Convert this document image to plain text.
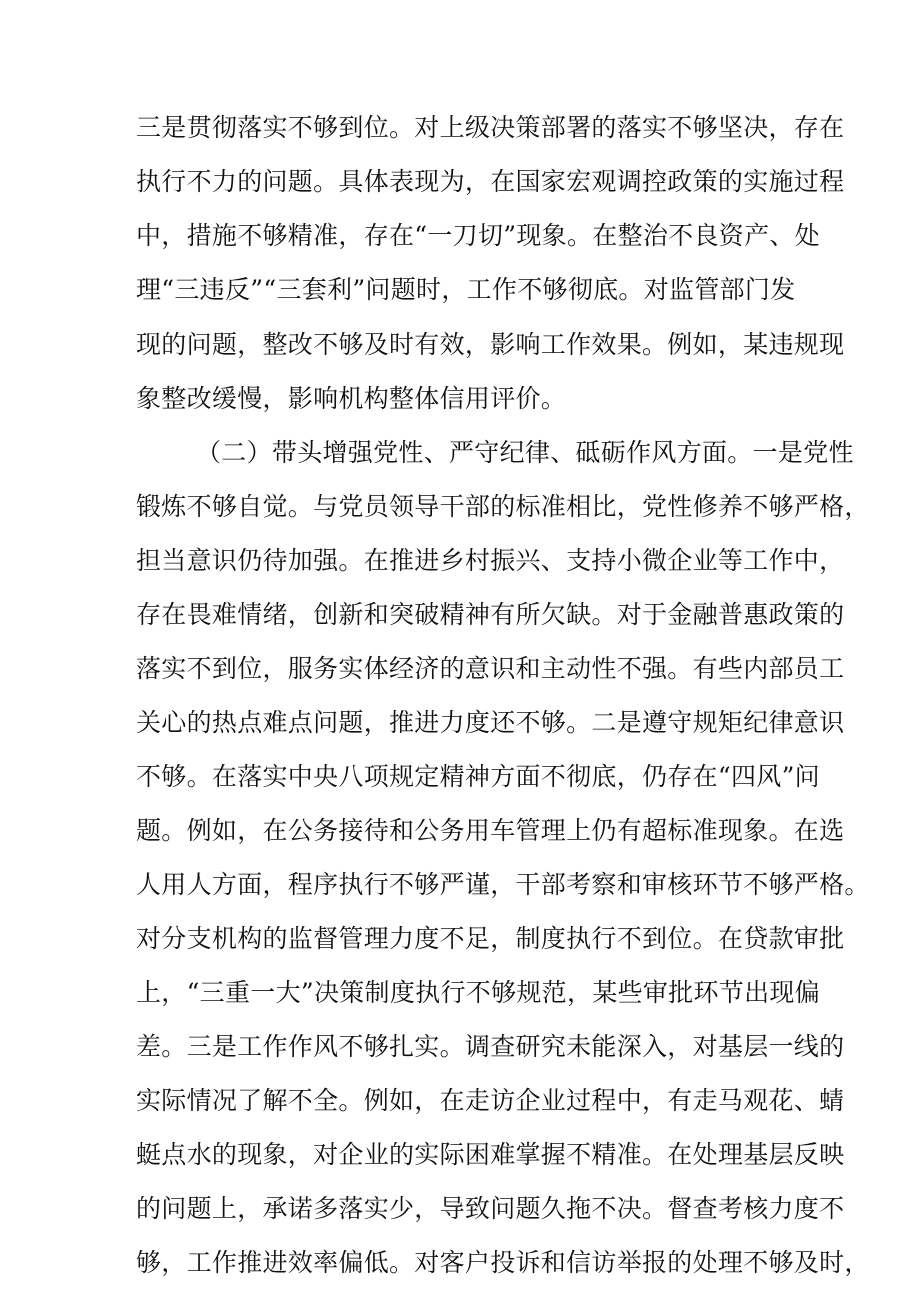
三是贯彻落实不够到位。对上级决策部署的落实不够坚决，存在
执行不力的问题。具体表现为，在国家宏观调控政策的实施过程
中，措施不够精准，存在“一刀切”现象。在整治不良资产、处
理“三违反”“三套利”问题时，工作不够彻底。对监管部门发
现的问题，整改不够及时有效，影响工作效果。例如，某违规现
象整改缓慢，影响机构整体信用评价。
（二）带头增强党性、严守纪律、砥砺作风方面。一是党性
锻炼不够自觉。与党员领导干部的标准相比，党性修养不够严格，
担当意识仍待加强。在推进乡村振兴、支持小微企业等工作中，
存在畏难情绪，创新和突破精神有所欠缺。对于金融普惠政策的
落实不到位，服务实体经济的意识和主动性不强。有些内部员工
关心的热点难点问题，推进力度还不够。二是遵守规矩纪律意识
不够。在落实中央八项规定精神方面不彻底，仍存在“四风”问
题。例如，在公务接待和公务用车管理上仍有超标准现象。在选
人用人方面，程序执行不够严谨，干部考察和审核环节不够严格。
对分支机构的监督管理力度不足，制度执行不到位。在贷款审批
上，“三重一大”决策制度执行不够规范，某些审批环节出现偏
差。三是工作作风不够扎实。调查研究未能深入，对基层一线的
实际情况了解不全。例如，在走访企业过程中，有走马观花、蜻
蜓点水的现象，对企业的实际困难掌握不精准。在处理基层反映
的问题上，承诺多落实少，导致问题久拖不决。督查考核力度不
够，工作推进效率偏低。对客户投诉和信访举报的处理不够及时，
